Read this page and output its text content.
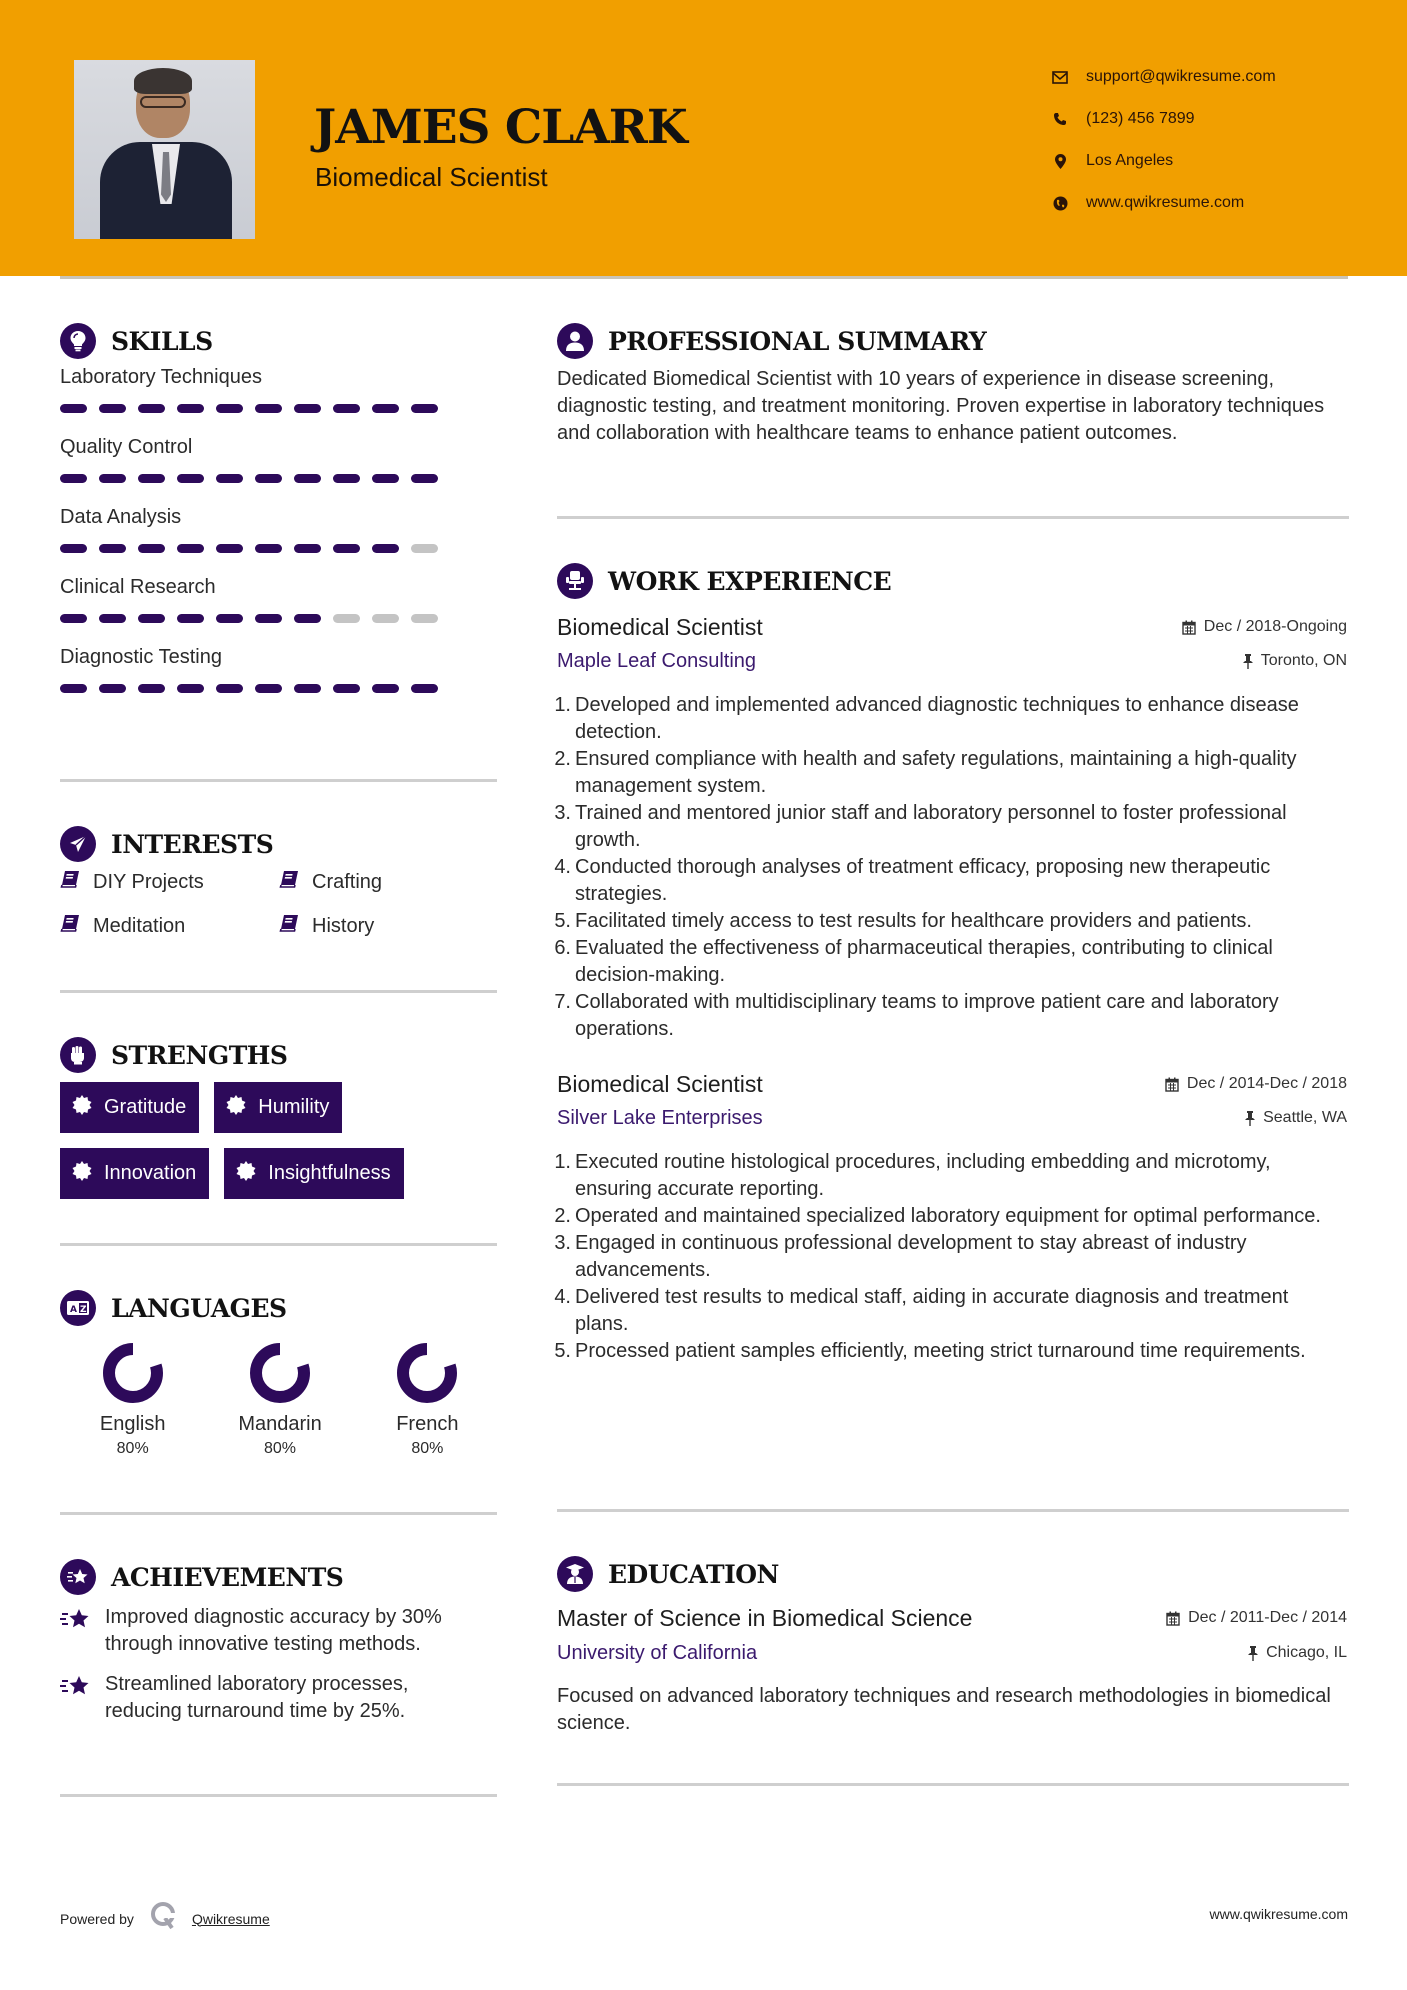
JAMES CLARK
Biomedical Scientist
support@qwikresume.com
(123) 456 7899
Los Angeles
www.qwikresume.com
SKILLS
Laboratory Techniques
Quality Control
Data Analysis
Clinical Research
Diagnostic Testing
INTERESTS
DIY Projects	Crafting
Meditation	History
STRENGTHS
Gratitude	Humility
Innovation	Insightfulness
A Z LANGUAGES
English
80%
Mandarin
80%
French
80%
ACHIEVEMENTS
Improved diagnostic accuracy by 30% through innovative testing methods.
Streamlined laboratory processes, reducing turnaround time by 25%.
PROFESSIONAL SUMMARY

Dedicated Biomedical Scientist with 10 years of experience in disease screening, diagnostic testing, and treatment monitoring. Proven expertise in laboratory techniques and collaboration with healthcare teams to enhance patient outcomes.

WORK EXPERIENCE
Biomedical Scientist	Dec / 2018-Ongoing
Maple Leaf Consulting	Toronto, ON
1. Developed and implemented advanced diagnostic techniques to enhance disease detection.
2. Ensured compliance with health and safety regulations, maintaining a high-quality management system.
3. Trained and mentored junior staff and laboratory personnel to foster professional growth.
4. Conducted thorough analyses of treatment efficacy, proposing new therapeutic strategies.
5. Facilitated timely access to test results for healthcare providers and patients.
6. Evaluated the effectiveness of pharmaceutical therapies, contributing to clinical decision-making.
7. Collaborated with multidisciplinary teams to improve patient care and laboratory operations.
Biomedical Scientist	Dec / 2014-Dec / 2018
Silver Lake Enterprises	Seattle, WA
1. Executed routine histological procedures, including embedding and microtomy, ensuring accurate reporting.
2. Operated and maintained specialized laboratory equipment for optimal performance.
3. Engaged in continuous professional development to stay abreast of industry advancements.
4. Delivered test results to medical staff, aiding in accurate diagnosis and treatment plans.
5. Processed patient samples efficiently, meeting strict turnaround time requirements.
EDUCATION
Master of Science in Biomedical Science	Dec / 2011-Dec / 2014
University of California	Chicago, IL

Focused on advanced laboratory techniques and research methodologies in biomedical science.

Powered by	Qwikresume	www.qwikresume.com
